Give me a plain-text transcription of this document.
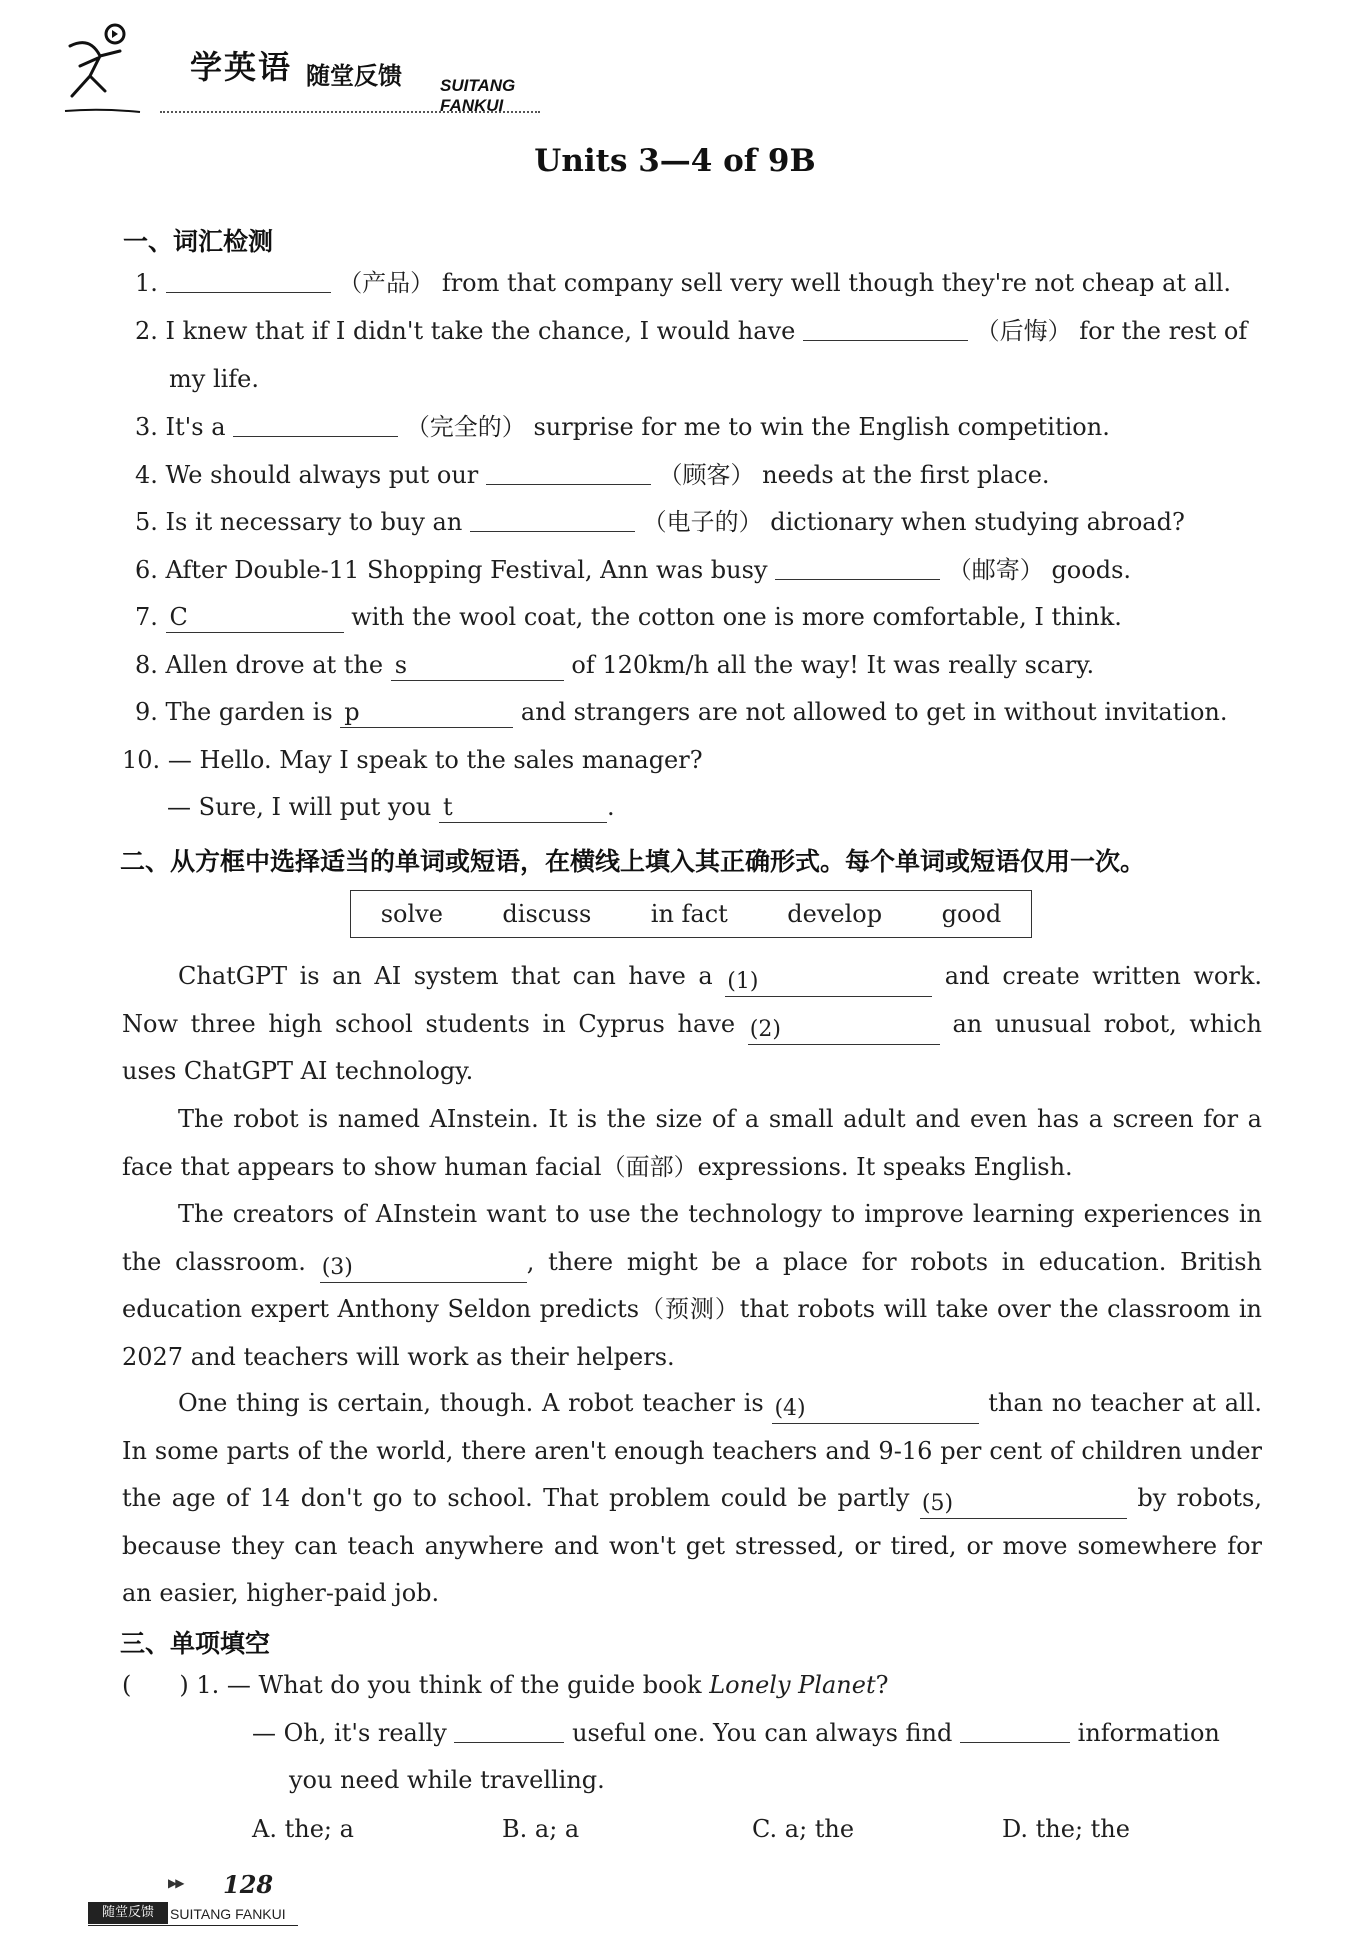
学英语 随堂反馈 SUITANG FANKUI
Units 3—4 of 9B
一、词汇检测
1.	（产品） from that company sell very well though they're not cheap at all.
2. I knew that if I didn't take the chance, I would have	（后悔） for the rest of
my life.
3. It's a	（完全的） surprise for me to win the English competition.
4. We should always put our	（顾客） needs at the first place.
5. Is it necessary to buy an	（电子的） dictionary when studying abroad?
6. After Double-11 Shopping Festival, Ann was busy	（邮寄） goods.
7. C	with the wool coat, the cotton one is more comfortable, I think.
8. Allen drove at the s	of 120km/h all the way! It was really scary.
9. The garden is p	and strangers are not allowed to get in without invitation.
10. — Hello. May I speak to the sales manager?
— Sure, I will put you t	.
二、从方框中选择适当的单词或短语，在横线上填入其正确形式。每个单词或短语仅用一次。
solve discuss in fact develop good
ChatGPT is an AI system that can have a (1)	and create written work. Now three high school students in Cyprus have (2)	an unusual robot, which uses ChatGPT AI technology.
The robot is named AInstein. It is the size of a small adult and even has a screen for a face that appears to show human facial（面部）expressions. It speaks English.
The creators of AInstein want to use the technology to improve learning experiences in the classroom. (3)	, there might be a place for robots in education. British education expert Anthony Seldon predicts（预测）that robots will take over the classroom in 2027 and teachers will work as their helpers.
One thing is certain, though. A robot teacher is (4)	than no teacher at all. In some parts of the world, there aren't enough teachers and 9-16 per cent of children under the age of 14 don't go to school. That problem could be partly (5)	by robots, because they can teach anywhere and won't get stressed, or tired, or move somewhere for an easier, higher-paid job.
三、单项填空
(　　) 1. — What do you think of the guide book Lonely Planet?
— Oh, it's really	useful one. You can always find	information
you need while travelling.
A. the; a	B. a; a	C. a; the	D. the; the
▶▶ 128
随堂反馈	SUITANG FANKUI
